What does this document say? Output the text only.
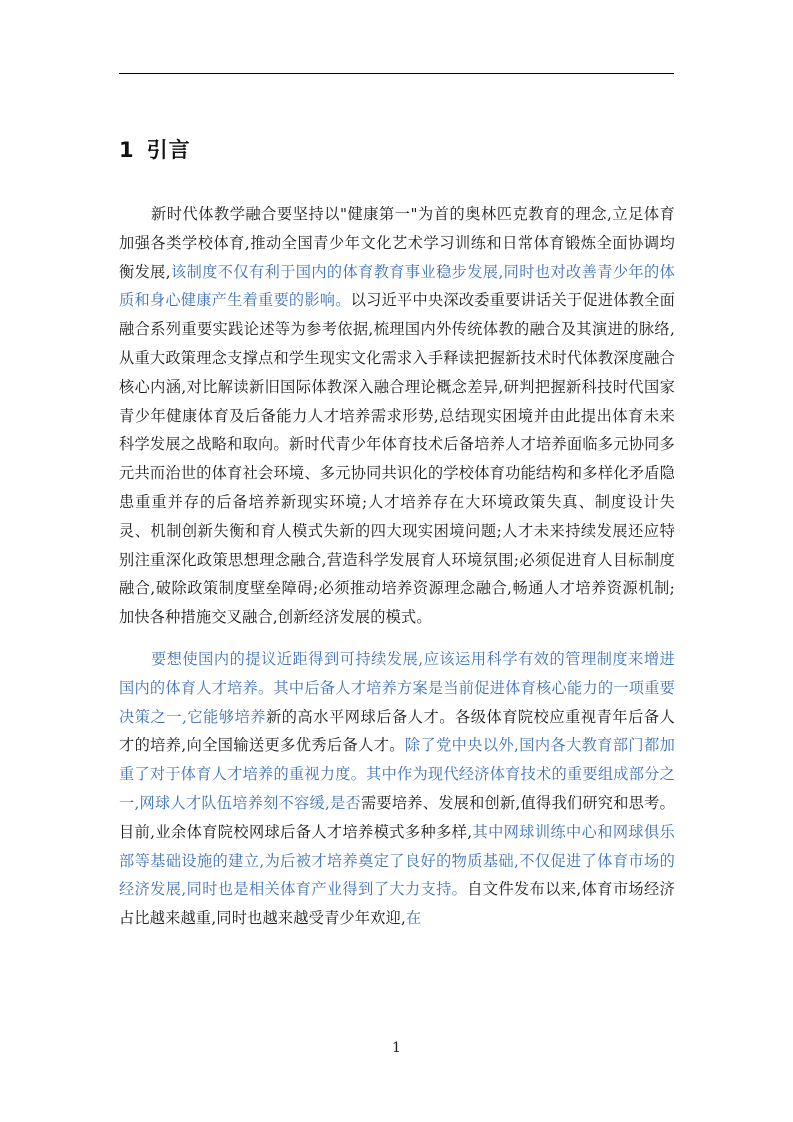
1 引言

新时代体教学融合要坚持以"健康第一"为首的奥林匹克教育的理念,立足体育加强各类学校体育,推动全国青少年文化艺术学习训练和日常体育锻炼全面协调均衡发展,该制度不仅有利于国内的体育教育事业稳步发展,同时也对改善青少年的体质和身心健康产生着重要的影响。以习近平中央深改委重要讲话关于促进体教全面融合系列重要实践论述等为参考依据,梳理国内外传统体教的融合及其演进的脉络,从重大政策理念支撑点和学生现实文化需求入手释读把握新技术时代体教深度融合核心内涵,对比解读新旧国际体教深入融合理论概念差异,研判把握新科技时代国家青少年健康体育及后备能力人才培养需求形势,总结现实困境并由此提出体育未来科学发展之战略和取向。新时代青少年体育技术后备培养人才培养面临多元协同多元共而治世的体育社会环境、多元协同共识化的学校体育功能结构和多样化矛盾隐患重重并存的后备培养新现实环境;人才培养存在大环境政策失真、制度设计失灵、机制创新失衡和育人模式失新的四大现实困境问题;人才未来持续发展还应特别注重深化政策思想理念融合,营造科学发展育人环境氛围;必须促进育人目标制度融合,破除政策制度壁垒障碍;必须推动培养资源理念融合,畅通人才培养资源机制;加快各种措施交叉融合,创新经济发展的模式。

要想使国内的提议近距得到可持续发展,应该运用科学有效的管理制度来增进国内的体育人才培养。其中后备人才培养方案是当前促进体育核心能力的一项重要决策之一,它能够培养新的高水平网球后备人才。各级体育院校应重视青年后备人才的培养,向全国输送更多优秀后备人才。除了党中央以外,国内各大教育部门都加重了对于体育人才培养的重视力度。其中作为现代经济体育技术的重要组成部分之一,网球人才队伍培养刻不容缓,是否需要培养、发展和创新,值得我们研究和思考。目前,业余体育院校网球后备人才培养模式多种多样,其中网球训练中心和网球俱乐部等基础设施的建立,为后被才培养奠定了良好的物质基础,不仅促进了体育市场的经济发展,同时也是相关体育产业得到了大力支持。自文件发布以来,体育市场经济占比越来越重,同时也越来越受青少年欢迎,在

1
